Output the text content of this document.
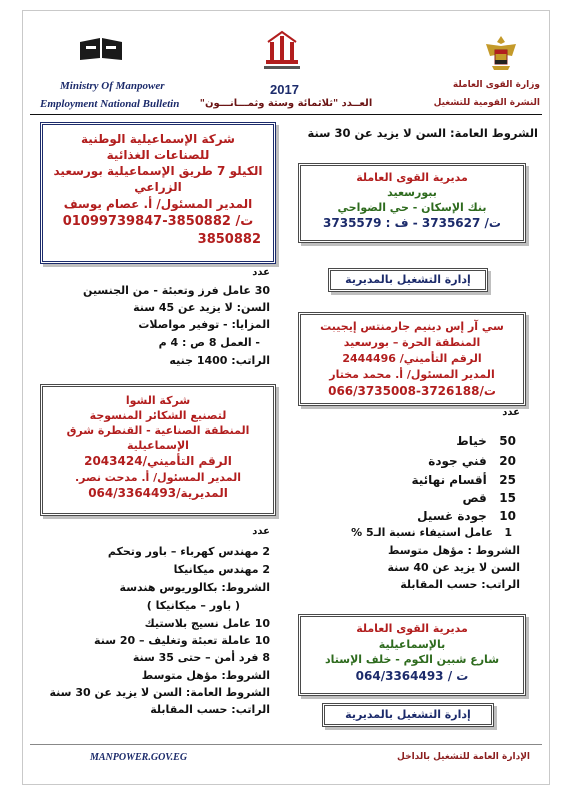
Ministry Of Manpower
Employment National Bulletin
2017
العــدد "ثلاثمائة وستة وثمـــانـــون"
وزارة القوى العاملة
النشرة القومية للتشغيل
الشروط العامة: السن لا يزيد عن 30 سنة
مديرية القوى العاملة
ببورسعيد
بنك الإسكان - حي الضواحي
ت/ 3735627 - ف : 3735579
إدارة التشغيل بالمديرية
سي آر إس دينيم جارمنتس إيجيبت
المنطقة الحرة – بورسعيد
الرقم التأميني/ 2444496
المدير المسئول/ أ. محمد مختار
ت/3726188-066/3735008
عدد
50   خياط
20   فني جودة
25   أقسام نهائية
15   قص
10   جودة غسيل
1   عامل استيفاء نسبة الـ5 %
الشروط : مؤهل متوسط
السن لا يزيد عن 40 سنة
الراتب: حسب المقابلة
مديرية القوى العاملة
بالإسماعيلية
شارع شبين الكوم - خلف الإستاد
ت / 064/3364493
إدارة التشغيل بالمديرية
شركة الإسماعيلية الوطنية
للصناعات الغذائية
الكيلو 7 طريق الإسماعيلية بورسعيد
الزراعي
المدير المسئول/ أ. عصام يوسف
ت/ 3850882-01099739847
3850882
عدد
30 عامل فرز وتعبئة - من الجنسين
السن: لا يزيد عن 45 سنة
المزايا: - توفير مواصلات
- العمل 8 ص : 4 م
الراتب: 1400 جنيه
شركة الشوا
لتصنيع الشكائر المنسوجة
المنطقة الصناعية - القنطرة شرق
الإسماعيلية
الرقم التأميني/2043424
المدير المسئول/ أ. مدحت نصر.
المديرية/064/3364493
عدد
2 مهندس كهرباء – باور وتحكم
2 مهندس ميكانيكا
الشروط: بكالوريوس هندسة
( باور – ميكانيكا )
10 عامل نسيج بلاستيك
10 عاملة تعبئة وتغليف – 20 سنة
8 فرد أمن – حتى 35 سنة
الشروط: مؤهل متوسط
الشروط العامة: السن لا يزيد عن 30 سنة
الراتب: حسب المقابلة
MANPOWER.GOV.EG	الإدارة العامة للتشغيل بالداخل
